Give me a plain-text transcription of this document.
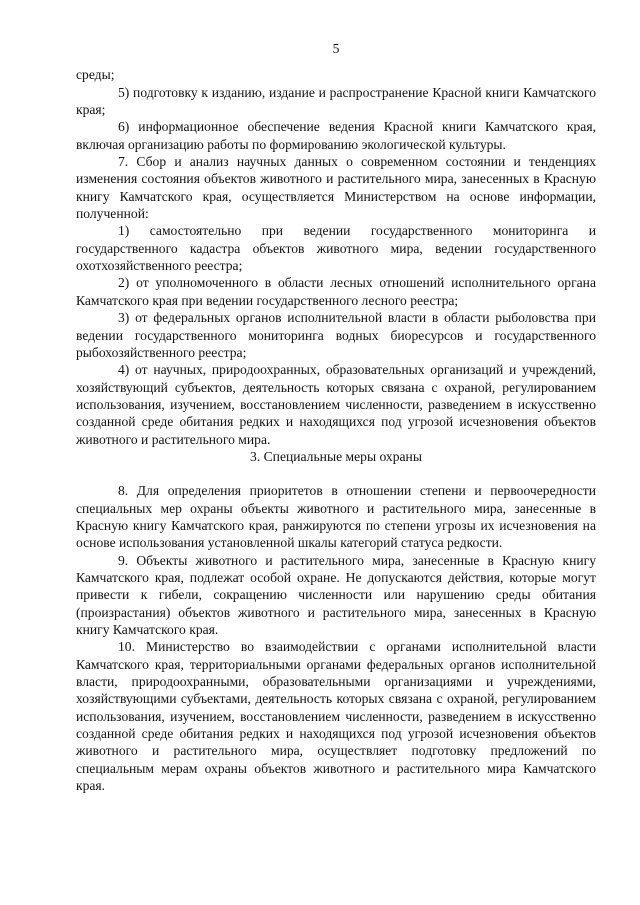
5

среды;

5) подготовку к изданию, издание и распространение Красной книги Камчатского края;

6) информационное обеспечение ведения Красной книги Камчатского края, включая организацию работы по формированию экологической культуры.

7. Сбор и анализ научных данных о современном состоянии и тенденциях изменения состояния объектов животного и растительного мира, занесенных в Красную книгу Камчатского края, осуществляется Министерством на основе информации, полученной:

1) самостоятельно при ведении государственного мониторинга и государственного кадастра объектов животного мира, ведении государственного охотхозяйственного реестра;

2) от уполномоченного в области лесных отношений исполнительного органа Камчатского края при ведении государственного лесного реестра;

3) от федеральных органов исполнительной власти в области рыболовства при ведении государственного мониторинга водных биоресурсов и государственного рыбохозяйственного реестра;

4) от научных, природоохранных, образовательных организаций и учреждений, хозяйствующий субъектов, деятельность которых связана с охраной, регулированием использования, изучением, восстановлением численности, разведением в искусственно созданной среде обитания редких и находящихся под угрозой исчезновения объектов животного и растительного мира.

3. Специальные меры охраны

8. Для определения приоритетов в отношении степени и первоочередности специальных мер охраны объекты животного и растительного мира, занесенные в Красную книгу Камчатского края, ранжируются по степени угрозы их исчезновения на основе использования установленной шкалы категорий статуса редкости.

9. Объекты животного и растительного мира, занесенные в Красную книгу Камчатского края, подлежат особой охране. Не допускаются действия, которые могут привести к гибели, сокращению численности или нарушению среды обитания (произрастания) объектов животного и растительного мира, занесенных в Красную книгу Камчатского края.

10. Министерство во взаимодействии с органами исполнительной власти Камчатского края, территориальными органами федеральных органов исполнительной власти, природоохранными, образовательными организациями и учреждениями, хозяйствующими субъектами, деятельность которых связана с охраной, регулированием использования, изучением, восстановлением численности, разведением в искусственно созданной среде обитания редких и находящихся под угрозой исчезновения объектов животного и растительного мира, осуществляет подготовку предложений по специальным мерам охраны объектов животного и растительного мира Камчатского края.
